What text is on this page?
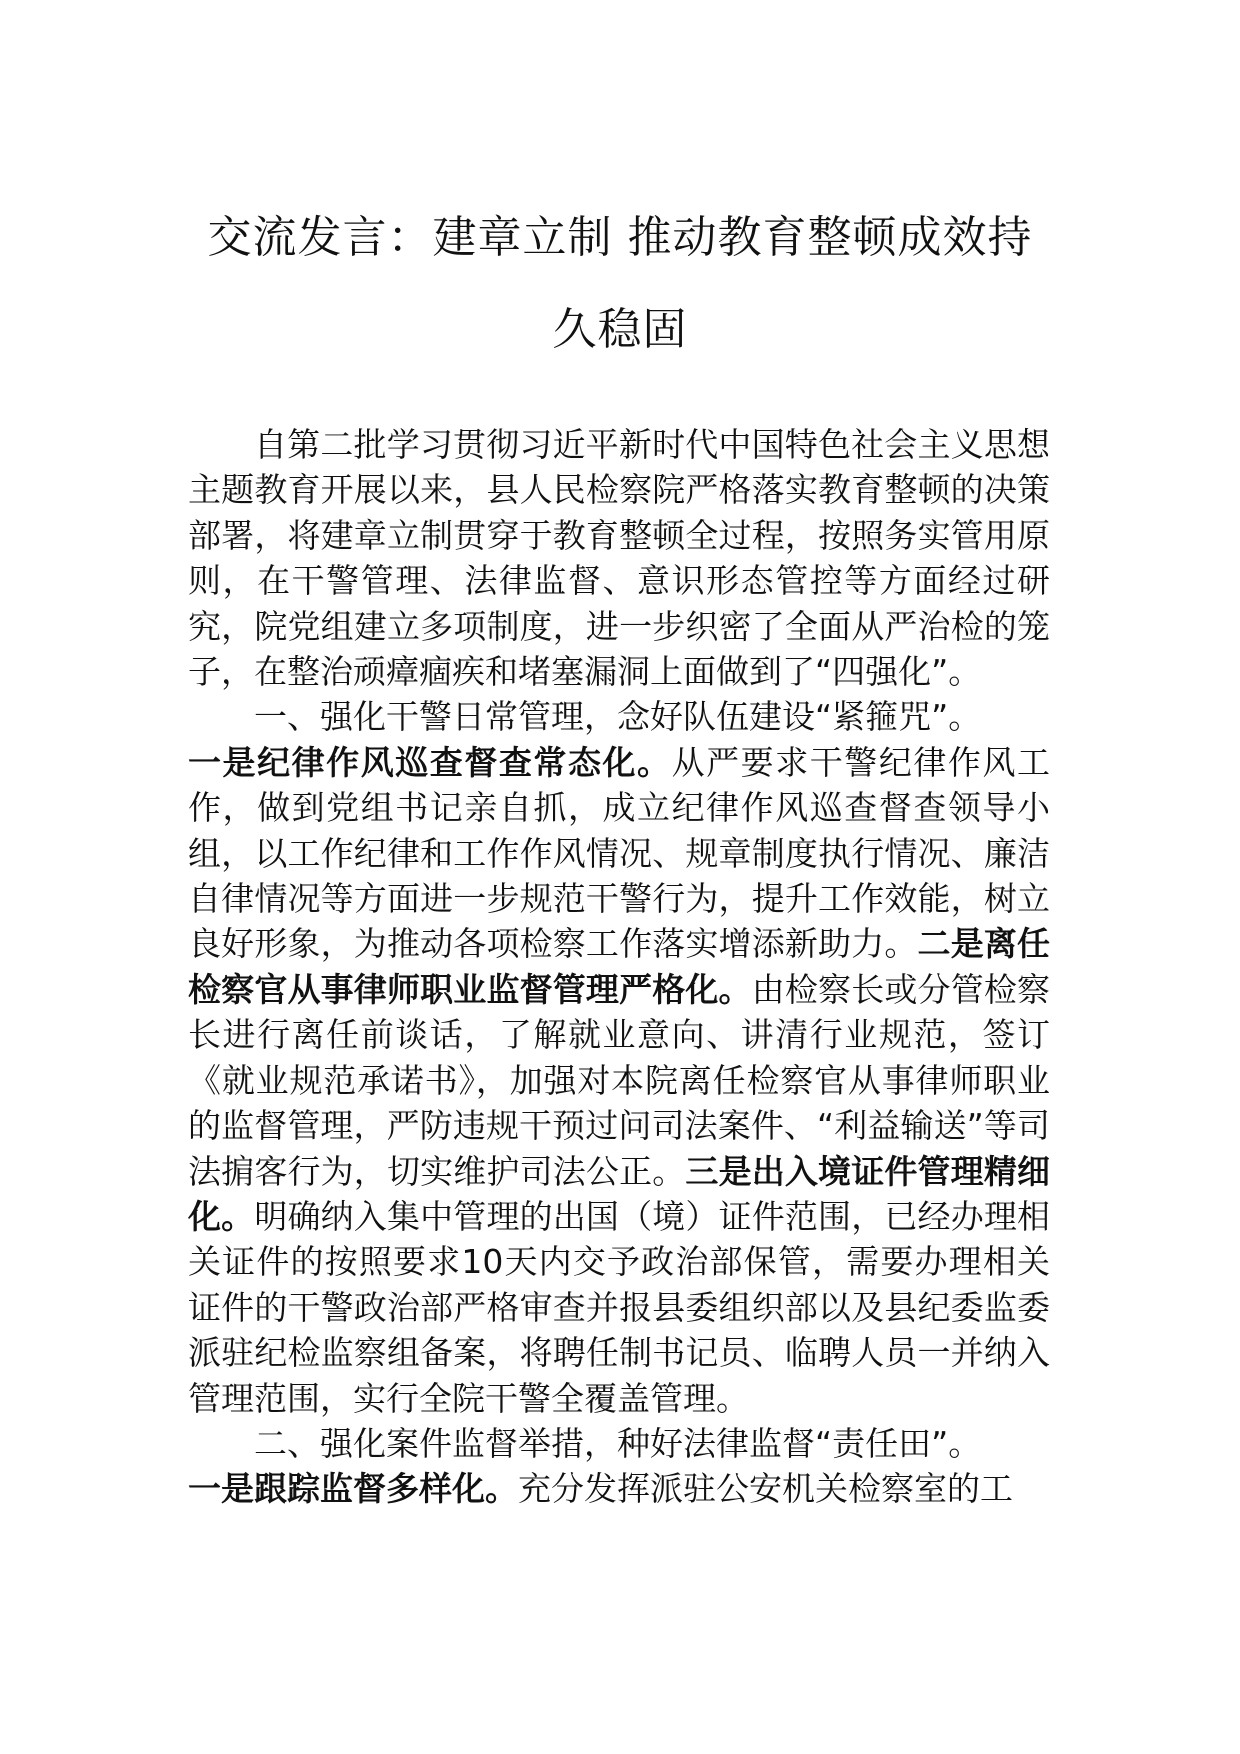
交流发言：建章立制 推动教育整顿成效持
久稳固

自第二批学习贯彻习近平新时代中国特色社会主义思想主题教育开展以来，县人民检察院严格落实教育整顿的决策部署，将建章立制贯穿于教育整顿全过程，按照务实管用原则，在干警管理、法律监督、意识形态管控等方面经过研究，院党组建立多项制度，进一步织密了全面从严治检的笼子，在整治顽瘴痼疾和堵塞漏洞上面做到了“四强化”。

一、强化干警日常管理，念好队伍建设“紧箍咒”。

一是纪律作风巡查督查常态化。从严要求干警纪律作风工作，做到党组书记亲自抓，成立纪律作风巡查督查领导小组，以工作纪律和工作作风情况、规章制度执行情况、廉洁自律情况等方面进一步规范干警行为，提升工作效能，树立良好形象，为推动各项检察工作落实增添新助力。二是离任检察官从事律师职业监督管理严格化。由检察长或分管检察长进行离任前谈话，了解就业意向、讲清行业规范，签订《就业规范承诺书》，加强对本院离任检察官从事律师职业的监督管理，严防违规干预过问司法案件、“利益输送”等司法掮客行为，切实维护司法公正。三是出入境证件管理精细化。明确纳入集中管理的出国（境）证件范围，已经办理相关证件的按照要求10天内交予政治部保管，需要办理相关证件的干警政治部严格审查并报县委组织部以及县纪委监委派驻纪检监察组备案，将聘任制书记员、临聘人员一并纳入管理范围，实行全院干警全覆盖管理。

二、强化案件监督举措，种好法律监督“责任田”。

一是跟踪监督多样化。充分发挥派驻公安机关检察室的工
